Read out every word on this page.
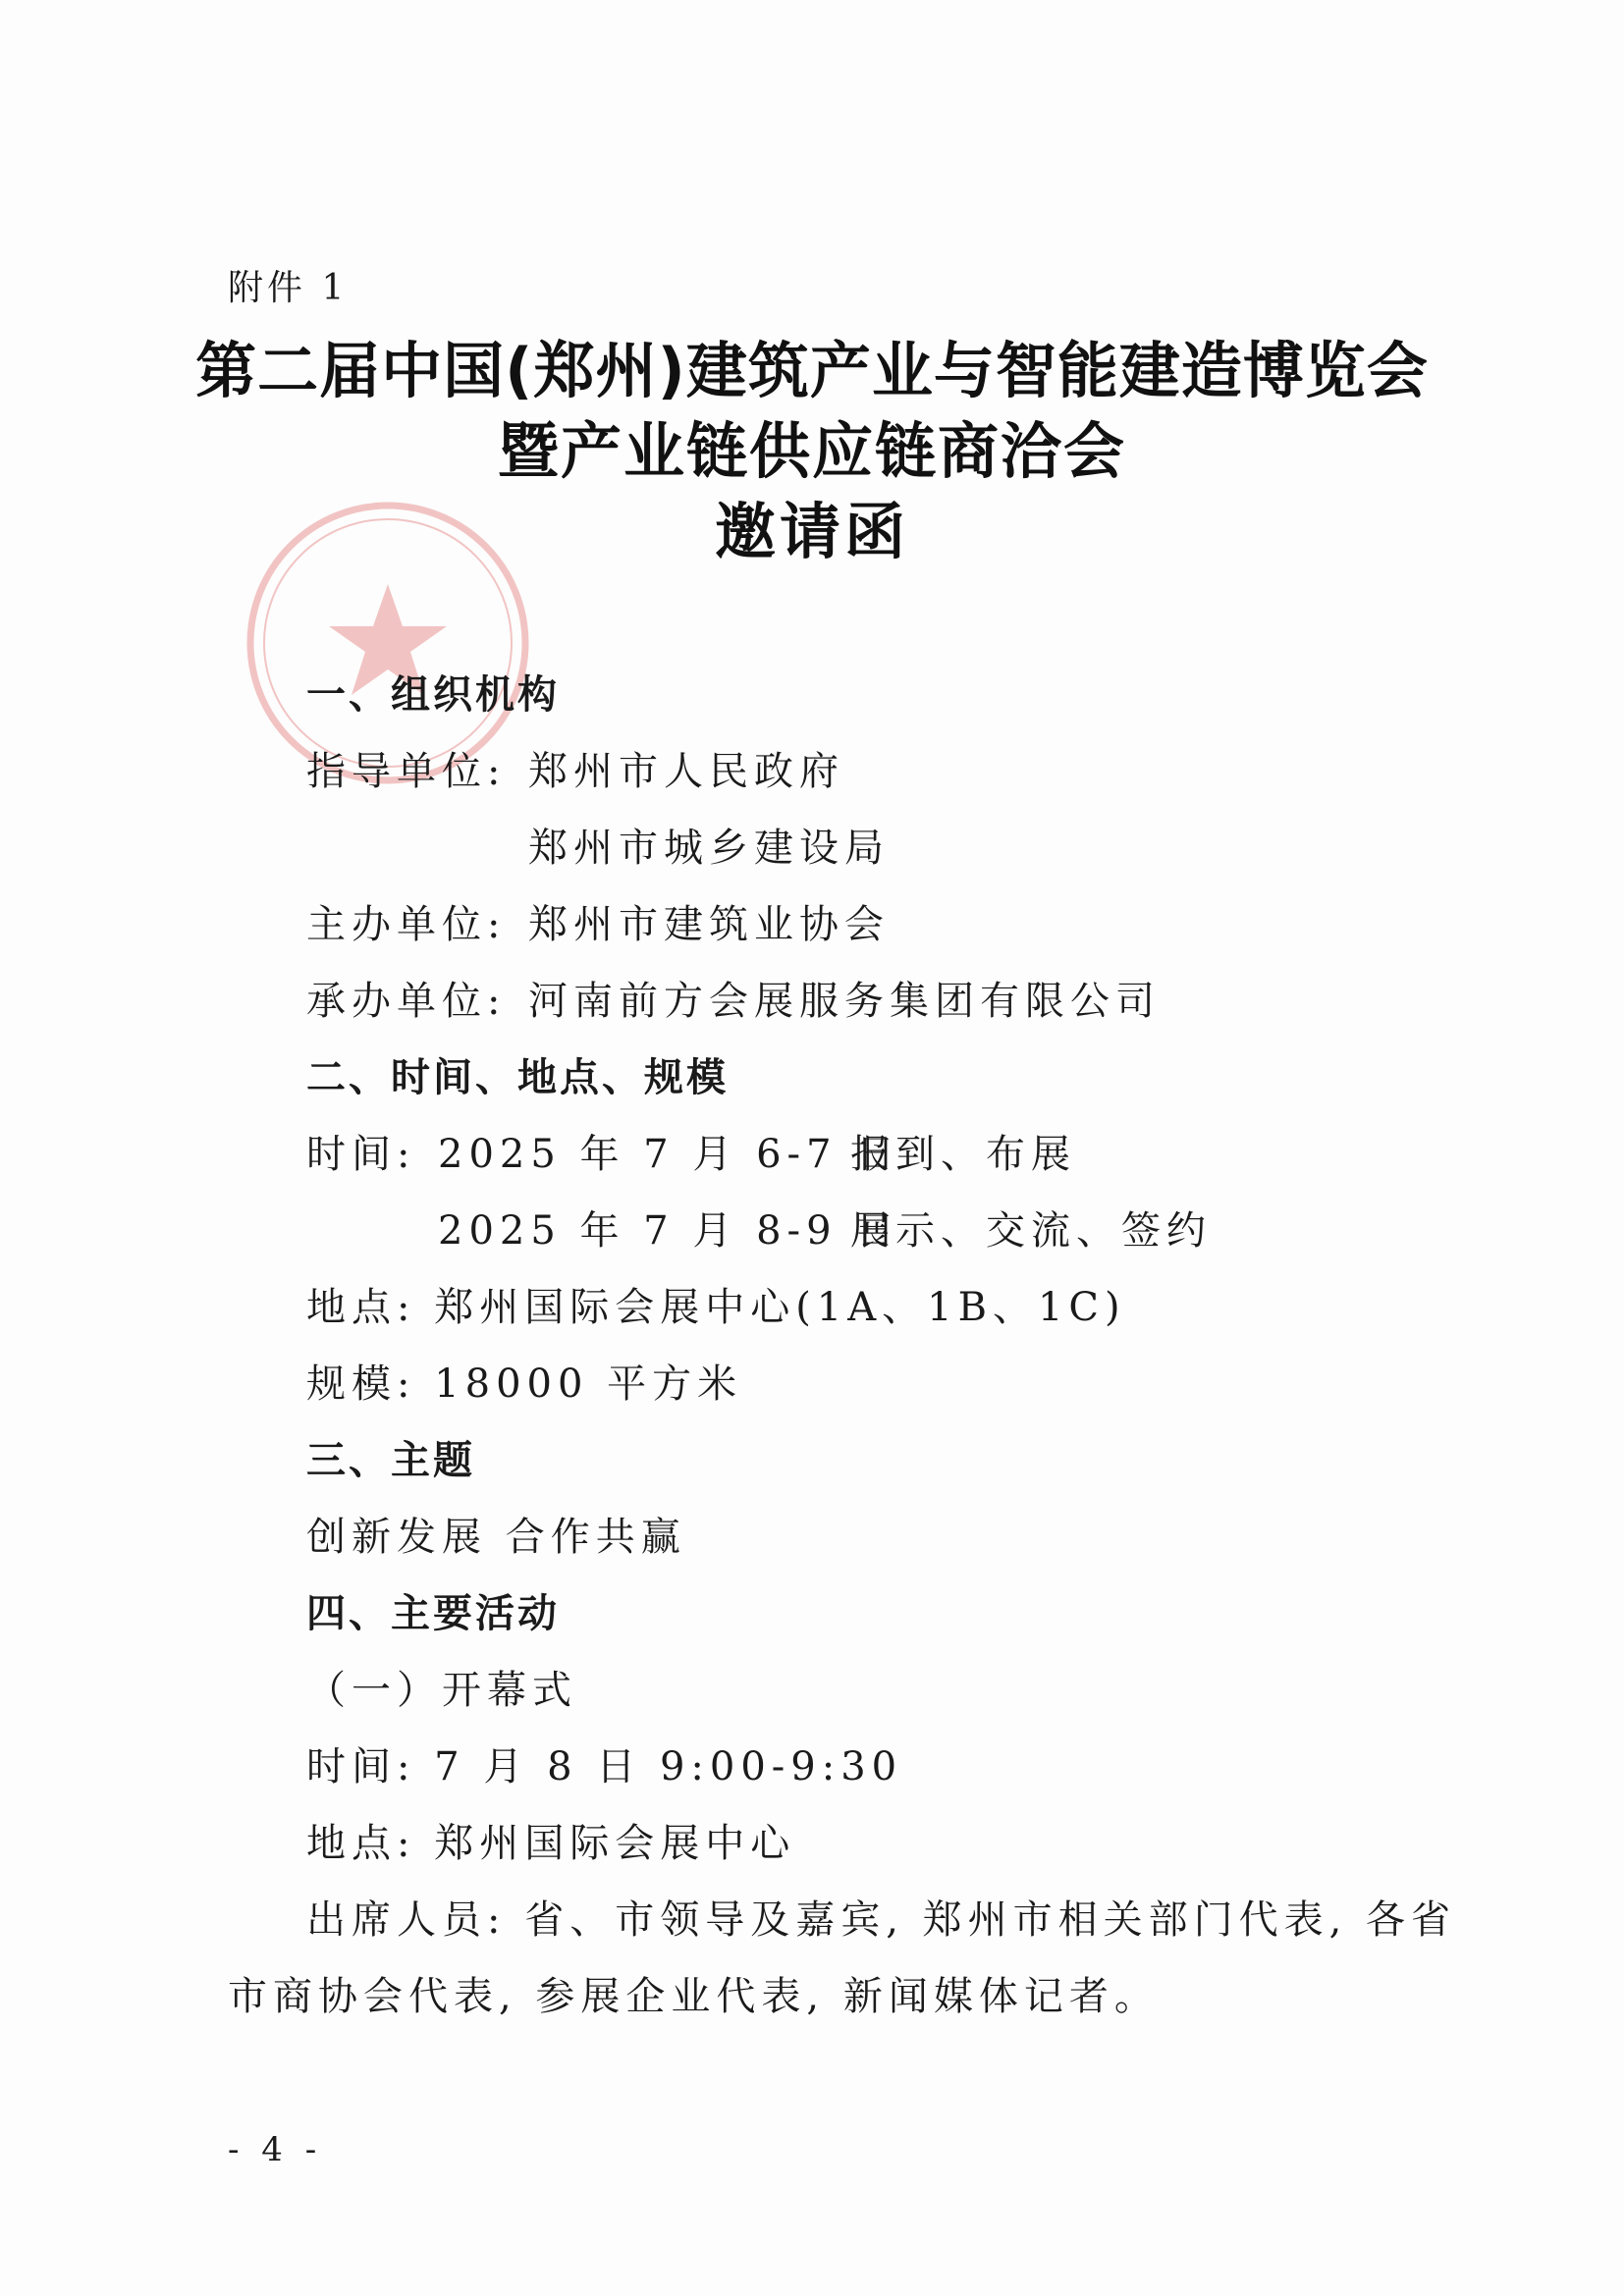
附件 1
第二届中国(郑州)建筑产业与智能建造博览会
暨产业链供应链商洽会
邀请函
一、组织机构
指导单位: 郑州市人民政府
郑州市城乡建设局
主办单位: 郑州市建筑业协会
承办单位: 河南前方会展服务集团有限公司
二、时间、地点、规模
时间: 2025 年 7 月 6-7 日
报到、布展
2025 年 7 月 8-9 日
展示、交流、签约
地点: 郑州国际会展中心(1A、1B、1C)
规模: 18000 平方米
三、主题
创新发展 合作共赢
四、主要活动
（一）开幕式
时间: 7 月 8 日 9:00-9:30
地点: 郑州国际会展中心
出席人员: 省、市领导及嘉宾, 郑州市相关部门代表, 各省
市商协会代表, 参展企业代表, 新闻媒体记者。
- 4 -
